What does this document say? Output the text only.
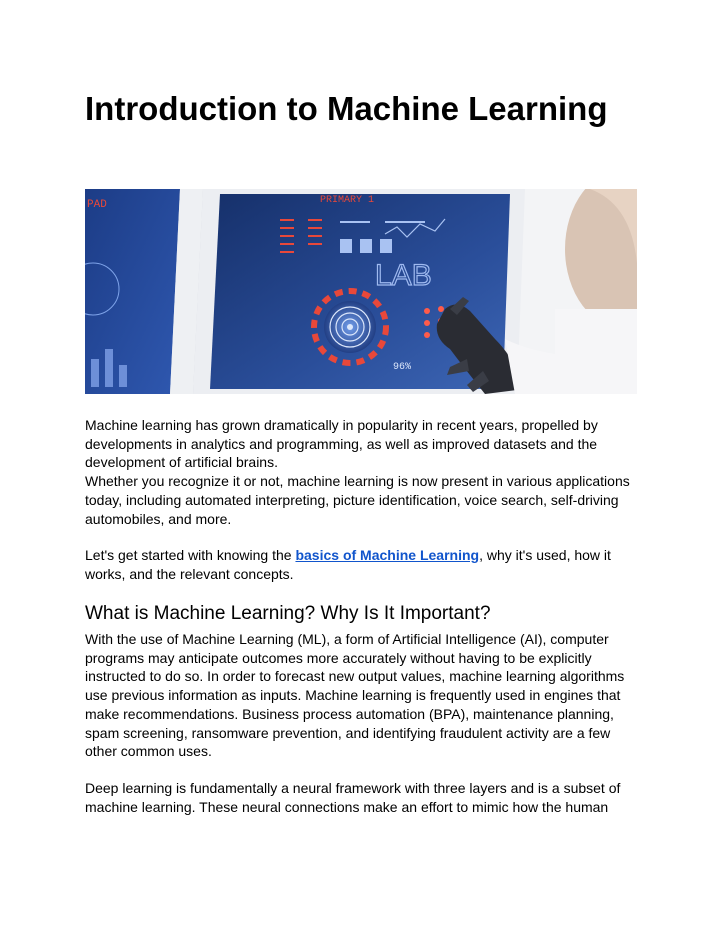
Introduction to Machine Learning
PAD	PRIMARY 1
LAB
96%

Machine learning has grown dramatically in popularity in recent years, propelled by developments in analytics and programming, as well as improved datasets and the development of artificial brains.

Whether you recognize it or not, machine learning is now present in various applications today, including automated interpreting, picture identification, voice search, self-driving automobiles, and more.

Let's get started with knowing the basics of Machine Learning, why it's used, how it works, and the relevant concepts.

What is Machine Learning? Why Is It Important?

With the use of Machine Learning (ML), a form of Artificial Intelligence (AI), computer programs may anticipate outcomes more accurately without having to be explicitly instructed to do so. In order to forecast new output values, machine learning algorithms use previous information as inputs. Machine learning is frequently used in engines that make recommendations. Business process automation (BPA), maintenance planning, spam screening, ransomware prevention, and identifying fraudulent activity are a few other common uses.

Deep learning is fundamentally a neural framework with three layers and is a subset of machine learning. These neural connections make an effort to mimic how the human
